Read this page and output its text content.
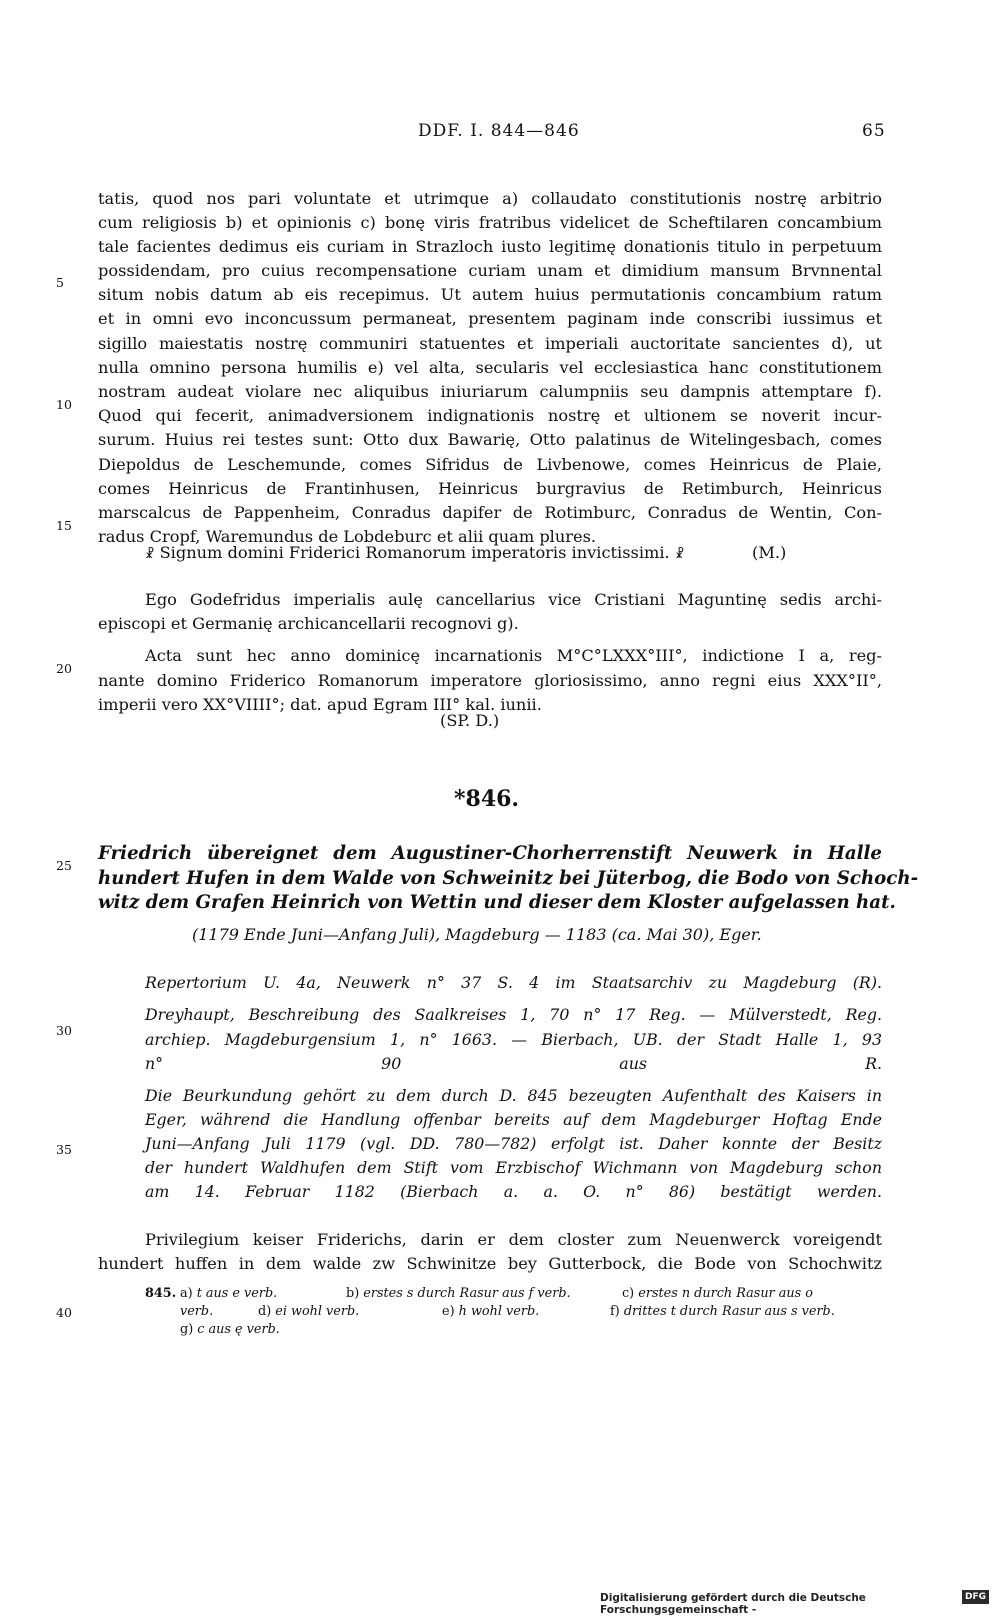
DDF. I. 844—846	65
5
10
15
20
25
30
35
40

tatis, quod nos pari voluntate et utrimque a) collaudato constitutionis nostrę arbitrio

cum religiosis b) et opinionis c) bonę viris fratribus videlicet de Scheftilaren concambium

tale facientes dedimus eis curiam in Strazloch iusto legitimę donationis titulo in perpetuum

possidendam, pro cuius recompensatione curiam unam et dimidium mansum Brvnnental

situm nobis datum ab eis recepimus. Ut autem huius permutationis concambium ratum

et in omni evo inconcussum permaneat, presentem paginam inde conscribi iussimus et

sigillo maiestatis nostrę communiri statuentes et imperiali auctoritate sancientes d), ut

nulla omnino persona humilis e) vel alta, secularis vel ecclesiastica hanc constitutionem

nostram audeat violare nec aliquibus iniuriarum calumpniis seu dampnis attemptare f).

Quod qui fecerit, animadversionem indignationis nostrę et ultionem se noverit incur-

surum. Huius rei testes sunt: Otto dux Bawarię, Otto palatinus de Witelingesbach, comes

Diepoldus de Leschemunde, comes Sifridus de Livbenowe, comes Heinricus de Plaie,

comes Heinricus de Frantinhusen, Heinricus burgravius de Retimburch, Heinricus

marscalcus de Pappenheim, Conradus dapifer de Rotimburc, Conradus de Wentin, Con-

radus Cropf, Waremundus de Lobdeburc et alii quam plures.

☧ Signum domini Friderici Romanorum imperatoris invictissimi. ☧	(M.)

Ego Godefridus imperialis aulę cancellarius vice Cristiani Maguntinę sedis archi-

episcopi et Germanię archicancellarii recognovi g).

Acta sunt hec anno dominicę incarnationis M°C°LXXX°III°, indictione I a, reg-

nante domino Friderico Romanorum imperatore gloriosissimo, anno regni eius XXX°II°,

imperii vero XX°VIIII°; dat. apud Egram III° kal. iunii.

(SP. D.)
*846.

Friedrich übereignet dem Augustiner-Chorherrenstift Neuwerk in Halle

hundert Hufen in dem Walde von Schweinitz bei Jüterbog, die Bodo von Schoch-

witz dem Grafen Heinrich von Wettin und dieser dem Kloster aufgelassen hat.

(1179 Ende Juni—Anfang Juli), Magdeburg — 1183 (ca. Mai 30), Eger.

Repertorium U. 4a, Neuwerk n° 37 S. 4 im Staatsarchiv zu Magdeburg (R).

Dreyhaupt, Beschreibung des Saalkreises 1, 70 n° 17 Reg. — Mülverstedt, Reg.

archiep. Magdeburgensium 1, n° 1663. — Bierbach, UB. der Stadt Halle 1, 93

n° 90 aus R.

Die Beurkundung gehört zu dem durch D. 845 bezeugten Aufenthalt des Kaisers in

Eger, während die Handlung offenbar bereits auf dem Magdeburger Hoftag Ende

Juni—Anfang Juli 1179 (vgl. DD. 780—782) erfolgt ist. Daher konnte der Besitz

der hundert Waldhufen dem Stift vom Erzbischof Wichmann von Magdeburg schon

am 14. Februar 1182 (Bierbach a. a. O. n° 86) bestätigt werden.

Privilegium keiser Friderichs, darin er dem closter zum Neuenwerck voreigendt

hundert huffen in dem walde zw Schwinitze bey Gutterbock, die Bode von Schochwitz

845. a) t aus e verb.	b) erstes s durch Rasur aus f verb.	c) erstes n durch Rasur aus o
verb.	d) ei wohl verb.	e) h wohl verb.	f) drittes t durch Rasur aus s verb.
g) c aus ę verb.
Digitalisierung gefördert durch die Deutsche Forschungsgemeinschaft -
DFG
